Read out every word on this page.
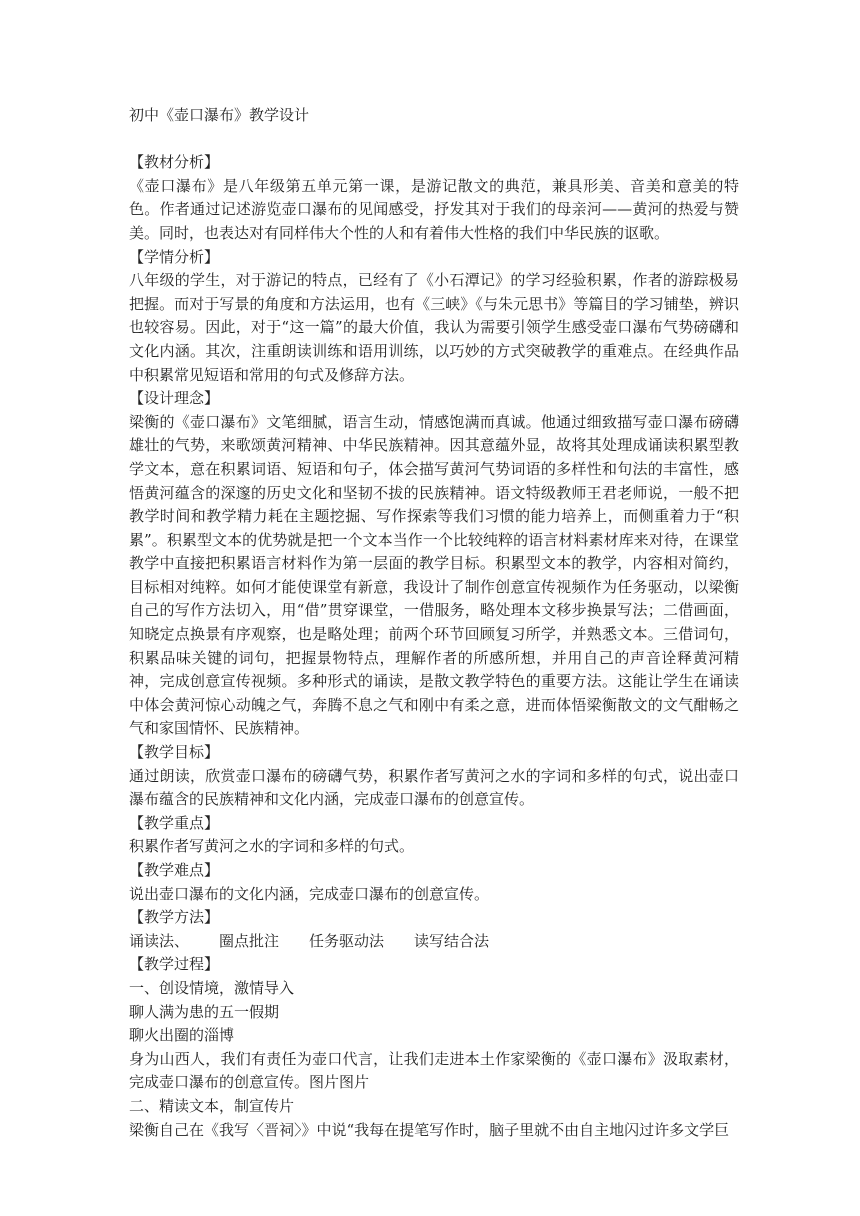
初中《壶口瀑布》教学设计

【教材分析】

《壶口瀑布》是八年级第五单元第一课，是游记散文的典范，兼具形美、音美和意美的特色。作者通过记述游览壶口瀑布的见闻感受，抒发其对于我们的母亲河——黄河的热爱与赞美。同时，也表达对有同样伟大个性的人和有着伟大性格的我们中华民族的讴歌。

【学情分析】

八年级的学生，对于游记的特点，已经有了《小石潭记》的学习经验积累，作者的游踪极易把握。而对于写景的角度和方法运用，也有《三峡》《与朱元思书》等篇目的学习铺垫，辨识也较容易。因此，对于“这一篇”的最大价值，我认为需要引领学生感受壶口瀑布气势磅礴和文化内涵。其次，注重朗读训练和语用训练，以巧妙的方式突破教学的重难点。在经典作品中积累常见短语和常用的句式及修辞方法。

【设计理念】

梁衡的《壶口瀑布》文笔细腻，语言生动，情感饱满而真诚。他通过细致描写壶口瀑布磅礴雄壮的气势，来歌颂黄河精神、中华民族精神。因其意蕴外显，故将其处理成诵读积累型教学文本，意在积累词语、短语和句子，体会描写黄河气势词语的多样性和句法的丰富性，感悟黄河蕴含的深邃的历史文化和坚韧不拔的民族精神。语文特级教师王君老师说，一般不把教学时间和教学精力耗在主题挖掘、写作探索等我们习惯的能力培养上，而侧重着力于“积累”。积累型文本的优势就是把一个文本当作一个比较纯粹的语言材料素材库来对待，在课堂教学中直接把积累语言材料作为第一层面的教学目标。积累型文本的教学，内容相对简约，目标相对纯粹。如何才能使课堂有新意，我设计了制作创意宣传视频作为任务驱动，以梁衡自己的写作方法切入，用“借”贯穿课堂，一借服务，略处理本文移步换景写法；二借画面，知晓定点换景有序观察，也是略处理；前两个环节回顾复习所学，并熟悉文本。三借词句，积累品味关键的词句，把握景物特点，理解作者的所感所想，并用自己的声音诠释黄河精神，完成创意宣传视频。多种形式的诵读，是散文教学特色的重要方法。这能让学生在诵读中体会黄河惊心动魄之气，奔腾不息之气和刚中有柔之意，进而体悟梁衡散文的文气酣畅之气和家国情怀、民族精神。

【教学目标】

通过朗读，欣赏壶口瀑布的磅礴气势，积累作者写黄河之水的字词和多样的句式，说出壶口瀑布蕴含的民族精神和文化内涵，完成壶口瀑布的创意宣传。

【教学重点】

积累作者写黄河之水的字词和多样的句式。

【教学难点】

说出壶口瀑布的文化内涵，完成壶口瀑布的创意宣传。

【教学方法】

诵读法、 圈点批注 任务驱动法 读写结合法

【教学过程】

一、创设情境，激情导入

聊人满为患的五一假期

聊火出圈的淄博

身为山西人，我们有责任为壶口代言，让我们走进本土作家梁衡的《壶口瀑布》汲取素材，完成壶口瀑布的创意宣传。图片图片

二、精读文本，制宣传片

梁衡自己在《我写〈晋祠〉》中说“我每在提笔写作时，脑子里就不由自主地闪过许多文学巨
